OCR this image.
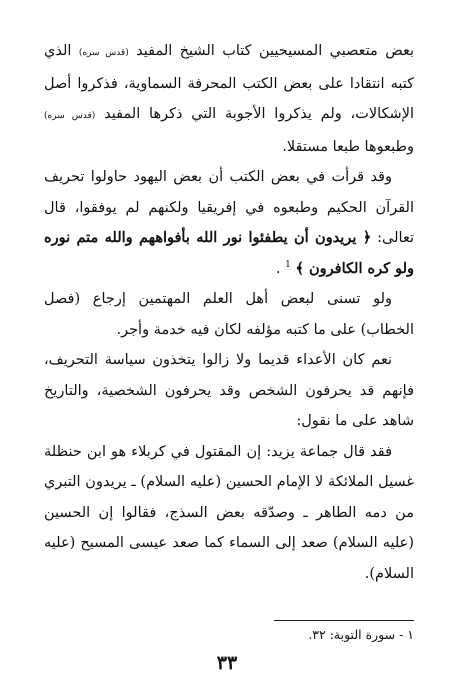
بعض متعصبي المسيحيين كتاب الشيخ المفيد (قدس سره) الذي كتبه انتقادا على بعض الكتب المحرفة السماوية، فذكروا أصل الإشكالات، ولم يذكروا الأجوبة التي ذكرها المفيد (قدس سره) وطبعوها طبعا مستقلا.

وقد قرأت في بعض الكتب أن بعض اليهود حاولوا تحريف القرآن الحكيم وطبعوه في إفريقيا ولكنهم لم يوفقوا، قال تعالى: ﴿ يريدون أن يطفئوا نور الله بأفواههم والله متم نوره ولو كره الكافرون ﴾ $^1$ .

ولو تسنى لبعض أهل العلم المهتمين إرجاع (فصل الخطاب) على ما كتبه مؤلفه لكان فيه خدمة وأجر.

نعم كان الأعداء قديما ولا زالوا يتخذون سياسة التحريف، فإنهم قد يحرفون الشخص وقد يحرفون الشخصية، والتاريخ شاهد على ما نقول:

فقد قال جماعة يزيد: إن المقتول في كربلاء هو ابن حنظلة غسيل الملائكة لا الإمام الحسين (عليه السلام) ـ يريدون التبري من دمه الطاهر ـ وصدّقه بعض السذج، فقالوا إن الحسين (عليه السلام) صعد إلى السماء كما صعد عيسى المسيح (عليه السلام).

١ - سورة التوبة: ٣٢.
٣٣
